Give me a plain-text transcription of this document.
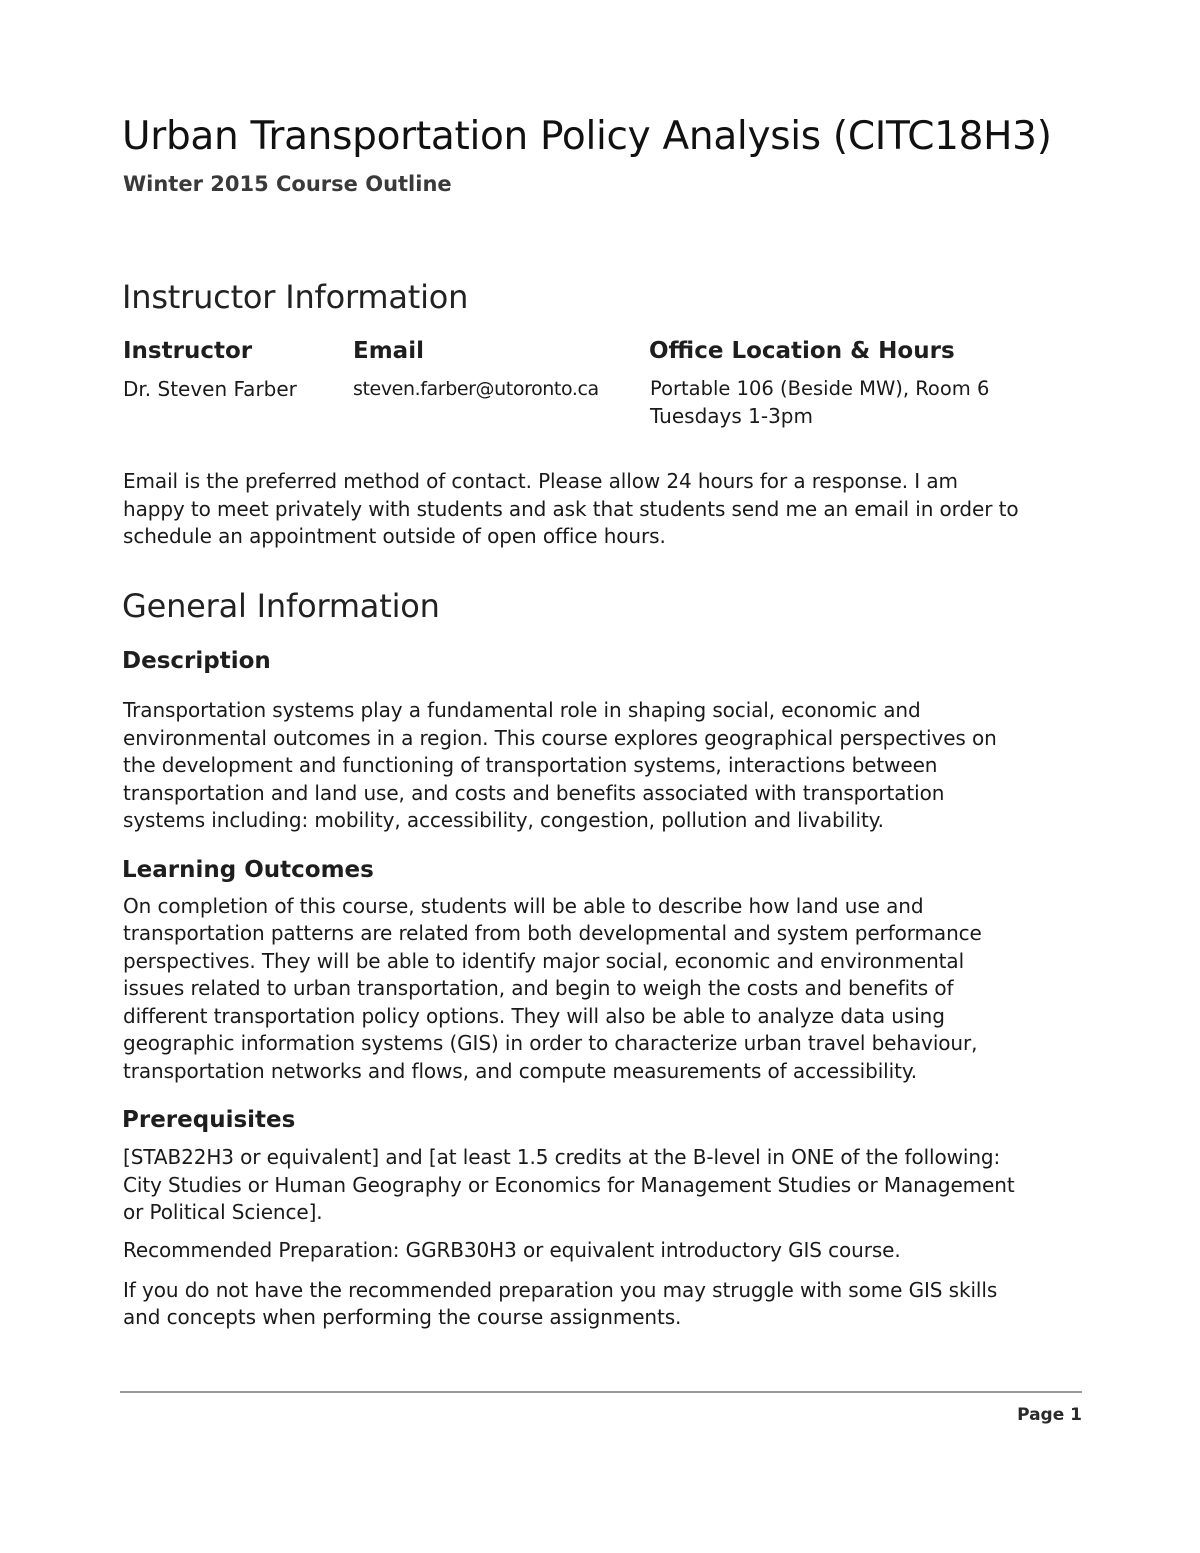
Urban Transportation Policy Analysis (CITC18H3)
Winter 2015 Course Outline
Instructor Information
Instructor	Email	Office Location & Hours
Dr. Steven Farber	steven.farber@utoronto.ca	Portable 106 (Beside MW), Room 6
Tuesdays 1-3pm
Email is the preferred method of contact. Please allow 24 hours for a response. I am
happy to meet privately with students and ask that students send me an email in order to
schedule an appointment outside of open office hours.
General Information
Description
Transportation systems play a fundamental role in shaping social, economic and
environmental outcomes in a region. This course explores geographical perspectives on
the development and functioning of transportation systems, interactions between
transportation and land use, and costs and benefits associated with transportation
systems including: mobility, accessibility, congestion, pollution and livability.
Learning Outcomes
On completion of this course, students will be able to describe how land use and
transportation patterns are related from both developmental and system performance
perspectives. They will be able to identify major social, economic and environmental
issues related to urban transportation, and begin to weigh the costs and benefits of
different transportation policy options. They will also be able to analyze data using
geographic information systems (GIS) in order to characterize urban travel behaviour,
transportation networks and flows, and compute measurements of accessibility.
Prerequisites
[STAB22H3 or equivalent] and [at least 1.5 credits at the B-level in ONE of the following:
City Studies or Human Geography or Economics for Management Studies or Management
or Political Science].
Recommended Preparation: GGRB30H3 or equivalent introductory GIS course.
If you do not have the recommended preparation you may struggle with some GIS skills
and concepts when performing the course assignments.
Page 1
